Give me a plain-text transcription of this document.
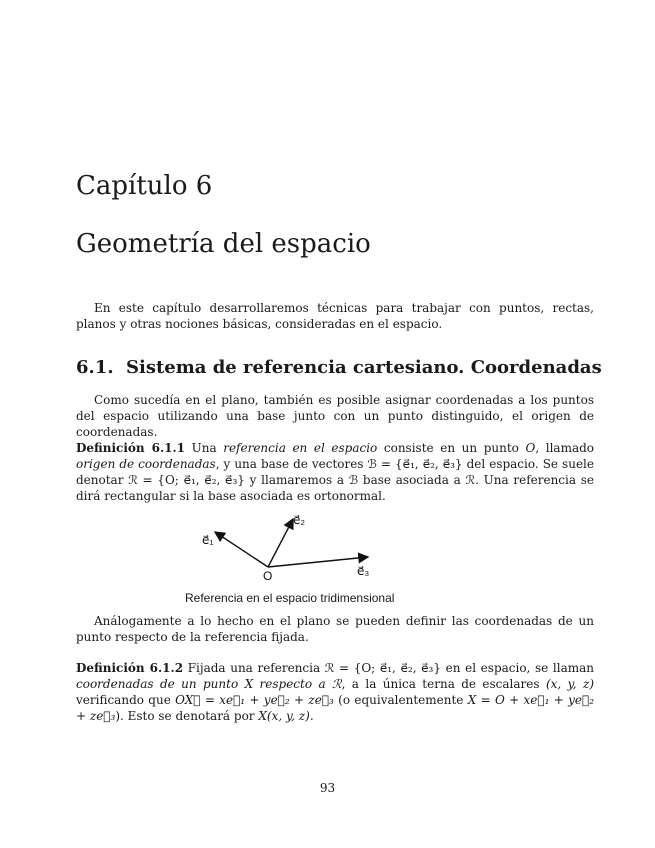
Capítulo 6
Geometría del espacio
En este capítulo desarrollaremos técnicas para trabajar con puntos, rectas, planos y otras nociones básicas, consideradas en el espacio.
6.1. Sistema de referencia cartesiano. Coordenadas
Como sucedía en el plano, también es posible asignar coordenadas a los puntos del espacio utilizando una base junto con un punto distinguido, el origen de coordenadas.
Definición 6.1.1 Una referencia en el espacio consiste en un punto O, llamado origen de coordenadas, y una base de vectores ℬ = {e⃗₁, e⃗₂, e⃗₃} del espacio. Se suele denotar ℛ = {O; e⃗₁, e⃗₂, e⃗₃} y llamaremos a ℬ base asociada a ℛ. Una referencia se dirá rectangular si la base asociada es ortonormal.
e⃗₁
e⃗₂
e⃗₃
O
Referencia en el espacio tridimensional
Análogamente a lo hecho en el plano se pueden definir las coordenadas de un punto respecto de la referencia fijada.
Definición 6.1.2 Fijada una referencia ℛ = {O; e⃗₁, e⃗₂, e⃗₃} en el espacio, se llaman coordenadas de un punto X respecto a ℛ, a la única terna de escalares (x, y, z) verificando que OX⃗ = xe⃗₁ + ye⃗₂ + ze⃗₃ (o equivalentemente X = O + xe⃗₁ + ye⃗₂ + ze⃗₃). Esto se denotará por X(x, y, z).
93
